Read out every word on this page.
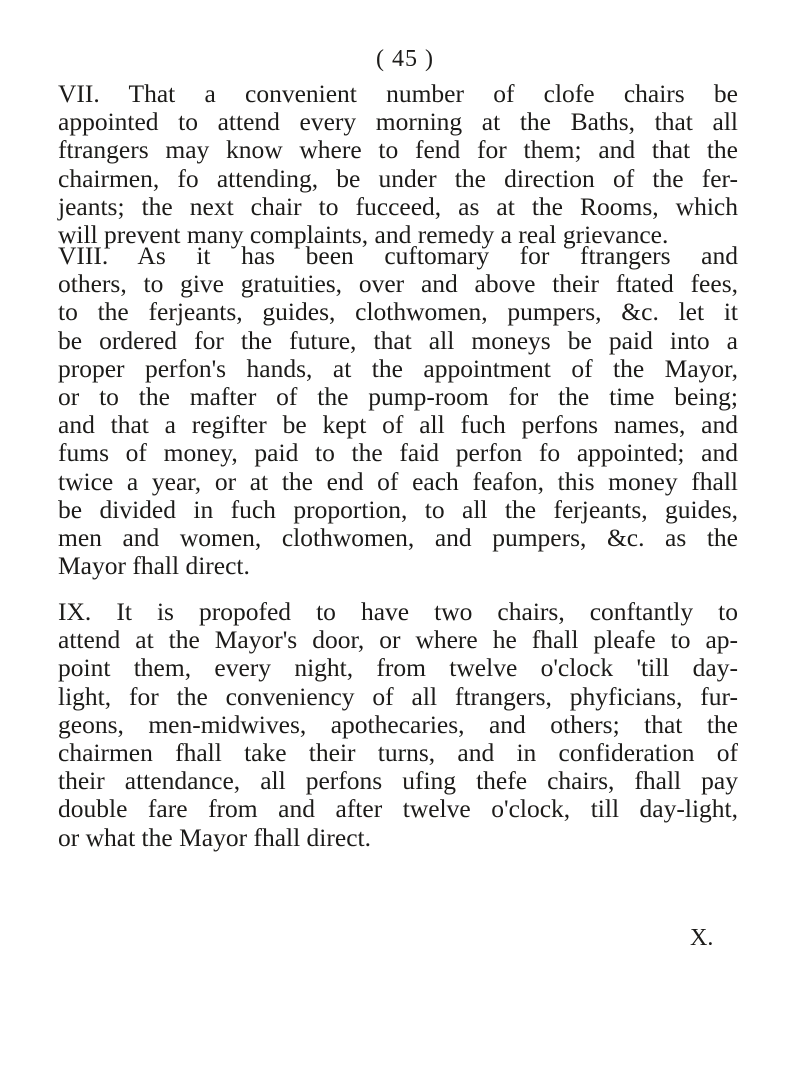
( 45 )
VII. That a convenient number of clofe chairs be
appointed to attend every morning at the Baths, that all
ftrangers may know where to fend for them; and that the
chairmen, fo attending, be under the direction of the fer-
jeants; the next chair to fucceed, as at the Rooms, which
will prevent many complaints, and remedy a real grievance.
VIII. As it has been cuftomary for ftrangers and
others, to give gratuities, over and above their ftated fees,
to the ferjeants, guides, clothwomen, pumpers, &c. let it
be ordered for the future, that all moneys be paid into a
proper perfon's hands, at the appointment of the Mayor,
or to the mafter of the pump-room for the time being;
and that a regifter be kept of all fuch perfons names, and
fums of money, paid to the faid perfon fo appointed; and
twice a year, or at the end of each feafon, this money fhall
be divided in fuch proportion, to all the ferjeants, guides,
men and women, clothwomen, and pumpers, &c. as the
Mayor fhall direct.
IX. It is propofed to have two chairs, conftantly to
attend at the Mayor's door, or where he fhall pleafe to ap-
point them, every night, from twelve o'clock 'till day-
light, for the conveniency of all ftrangers, phyficians, fur-
geons, men-midwives, apothecaries, and others; that the
chairmen fhall take their turns, and in confideration of
their attendance, all perfons ufing thefe chairs, fhall pay
double fare from and after twelve o'clock, till day-light,
or what the Mayor fhall direct.
X.
